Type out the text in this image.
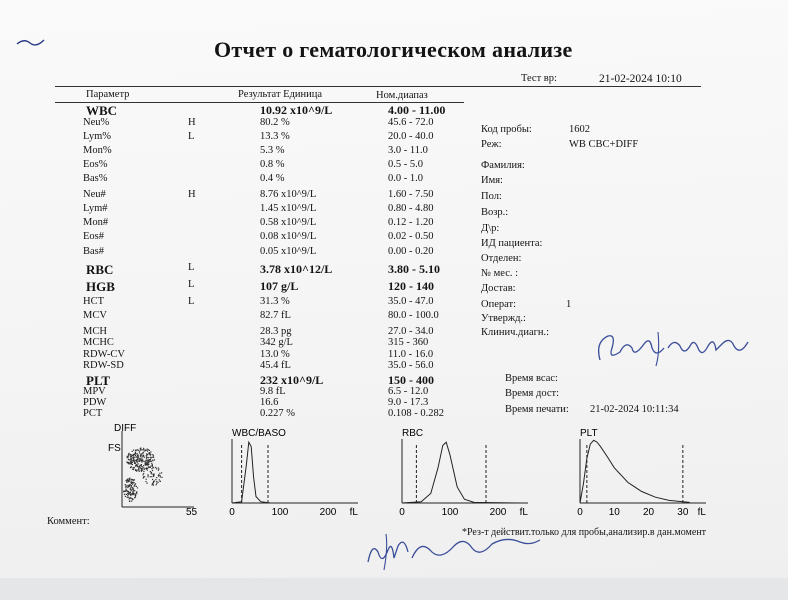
Отчет о гематологическом анализе
Тест вр:	21-02-2024 10:10
Параметр	Результат Единица	Ном.диапаз
WBC	10.92 x10^9/L	4.00 - 11.00
Neu%	H	80.2 %	45.6 - 72.0
Lym%	L	13.3 %	20.0 - 40.0
Mon%	5.3 %	3.0 - 11.0
Eos%	0.8 %	0.5 - 5.0
Bas%	0.4 %	0.0 - 1.0
Neu#	H	8.76 x10^9/L	1.60 - 7.50
Lym#	1.45 x10^9/L	0.80 - 4.80
Mon#	0.58 x10^9/L	0.12 - 1.20
Eos#	0.08 x10^9/L	0.02 - 0.50
Bas#	0.05 x10^9/L	0.00 - 0.20
RBC	L	3.78 x10^12/L	3.80 - 5.10
HGB	L	107 g/L	120 - 140
HCT	L	31.3 %	35.0 - 47.0
MCV	82.7 fL	80.0 - 100.0
MCH	28.3 pg	27.0 - 34.0
MCHC	342 g/L	315 - 360
RDW-CV	13.0 %	11.0 - 16.0
RDW-SD	45.4 fL	35.0 - 56.0
PLT	232 x10^9/L	150 - 400
MPV	9.8 fL	6.5 - 12.0
PDW	16.6	9.0 - 17.3
PCT	0.227 %	0.108 - 0.282
Код пробы:	1602
Реж:	WB CBC+DIFF
Фамилия:
Имя:
Пол:
Возр.:
Д\р:
ИД пациента:
Отделен:
№ мес. :
Достав:
Операт:	1
Утвержд.:
Клинич.диагн.:
Время всас:
Время дост:
Время печати: 21-02-2024 10:11:34
DIFF
FS
55
WBC/BASO
0	100	200 fL
RBC
0	100	200 fL
PLT
0	10 20 30 fL
Коммент:
*Рез-т действит.только для пробы,анализир.в дан.момент
